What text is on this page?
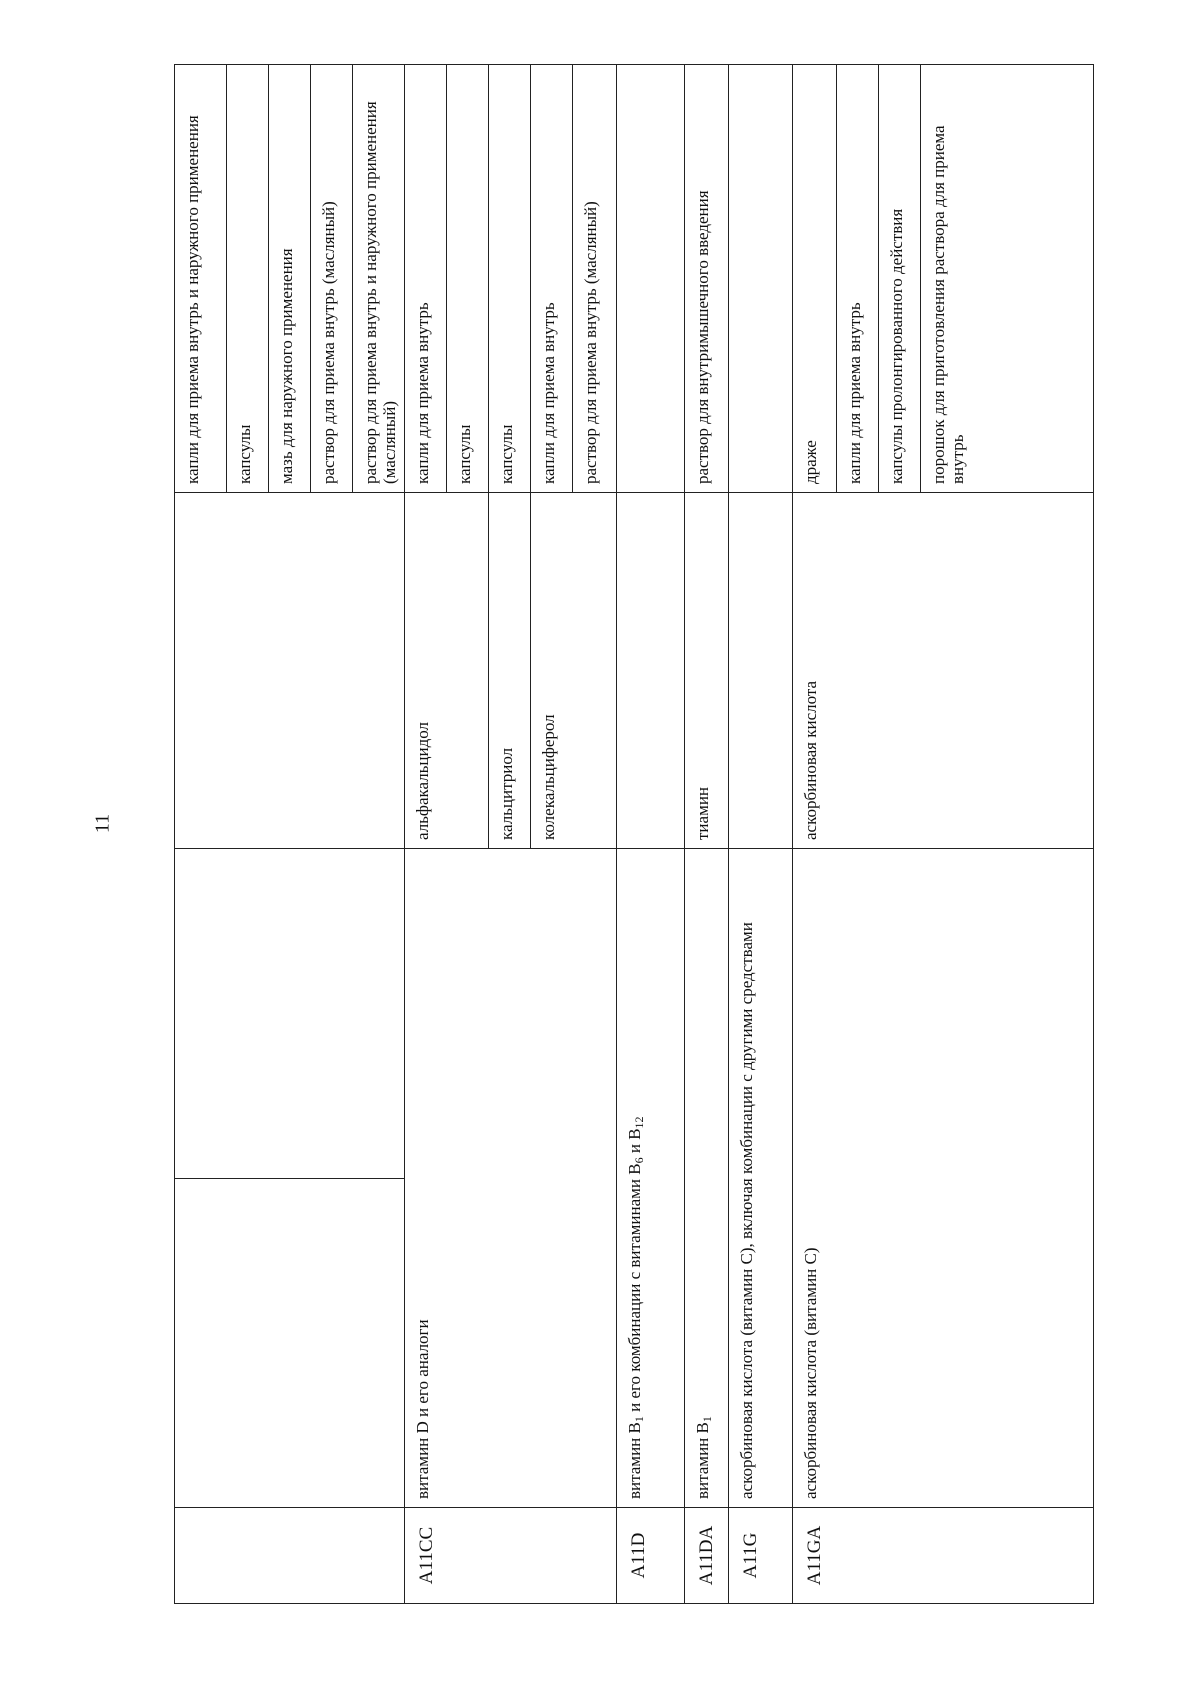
11
				капли для приема внутрь и наружного применения
				капсулы
				мазь для наружного применения
				раствор для приема внутрь (масляный)
				раствор для приема внутрь и наружного применения (масляный)
A11CC	витамин D и его аналоги		альфакальцидол	капли для приема внутрь
				капсулы
			кальцитриол	капсулы
			колекальциферол	капли для приема внутрь
				раствор для приема внутрь (масляный)
A11D	витамин $B_1$ и его комбинации с витаминами $B_6$ и $B_{12}$		
A11DA	витамин $B_1$		тиамин	раствор для внутримышечного введения
A11G	аскорбиновая кислота (витамин C), включая комбинации с другими средствами			
A11GA	аскорбиновая кислота (витамин C)		аскорбиновая кислота	драже
				капли для приема внутрь
				капсулы пролонгированного действия
				порошок для приготовления раствора для приема внутрь
